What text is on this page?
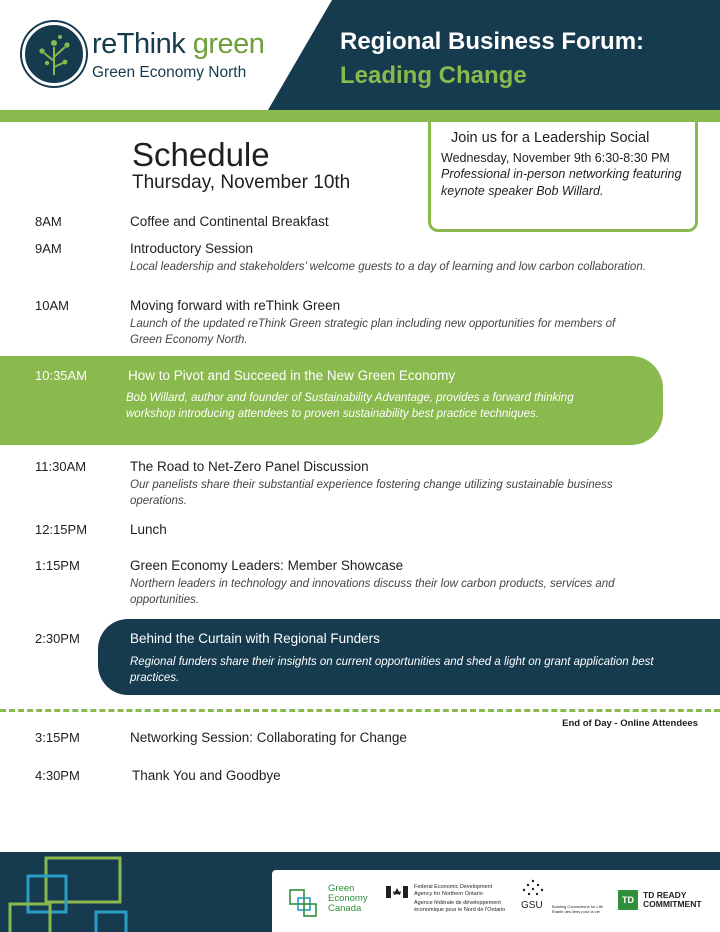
reThink green
Green Economy North
Regional Business Forum:
Leading Change
Schedule
Thursday, November 10th
Join us for a Leadership Social
Wednesday, November 9th 6:30-8:30 PM
Professional in-person networking featuring keynote speaker Bob Willard.
10:35AM	How to Pivot and Succeed in the New Green Economy
Bob Willard, author and founder of Sustainability Advantage, provides a forward thinking workshop introducing attendees to proven sustainability best practice techniques.
8AM	Coffee and Continental Breakfast
9AM	Introductory Session
Local leadership and stakeholders’ welcome guests to a day of learning and low carbon collaboration.
10AM	Moving forward with reThink Green
Launch of the updated reThink Green strategic plan including new opportunities for members of Green Economy North.
11:30AM	The Road to Net-Zero Panel Discussion
Our panelists share their substantial experience fostering change utilizing sustainable business operations.
12:15PM	Lunch
1:15PM	Green Economy Leaders: Member Showcase
Northern leaders in technology and innovations discuss their low carbon products, services and opportunities.
2:30PM	Behind the Curtain with Regional Funders
Regional funders share their insights on current opportunities and shed a light on grant application best practices.
End of Day - Online Attendees
3:15PM	Networking Session: Collaborating for Change
4:30PM	Thank You and Goodbye
Green
Economy
Canada
Federal Economic Development
Agency for Northern Ontario
Agence fédérale de développement
économique pour le Nord de l'Ontario GSU Building Connections for Life
Établir des liens pour la vie
TD	TD READY
COMMITMENT
